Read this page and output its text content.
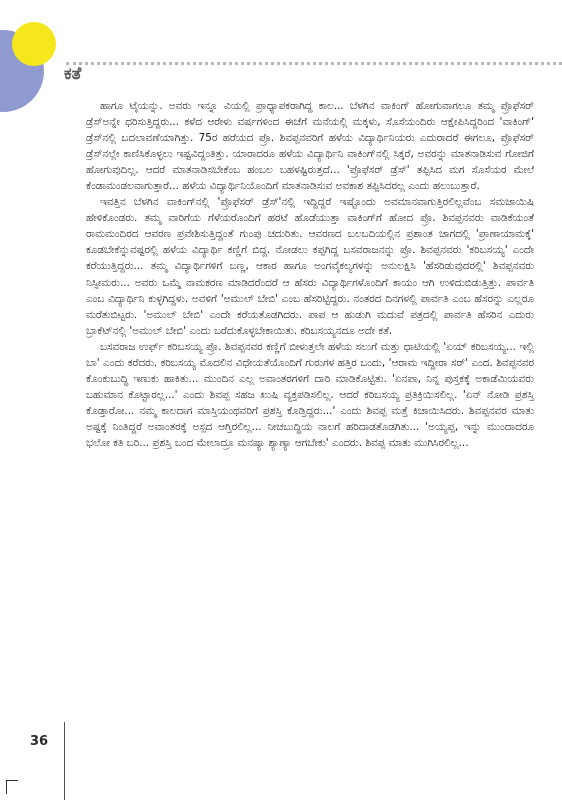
ಕತೆ

ಹಾಗೂ ಟೈಯನ್ನು. ಅವರು ಇನ್ನೂ ವಿಯಲ್ಲಿ ಪ್ರಾಧ್ಯಾಪಕರಾಗಿದ್ದ ಕಾಲ... ಬೆಳಗಿನ ವಾಕಿಂಗ್ ಹೋಗುವಾಗಲೂ ತಮ್ಮ ಪ್ರೊಫೆಸರ್ ಡ್ರೆಸ್‌ಅನ್ನೇ ಧರಿಸುತ್ತಿದ್ದರು... ಕಳೆದ ಆರೇಳು ವರ್ಷಗಳಿಂದ ಈಚೆಗೆ ಮನೆಯಲ್ಲಿ ಮಕ್ಕಳು, ಸೊಸೆಯಂದಿರು ಆಕ್ಷೇಪಿಸಿದ್ದರಿಂದ 'ವಾಕಿಂಗ್' ಡ್ರೆಸ್‌ನಲ್ಲಿ ಬದಲಾವಣೆಯಾಗಿತ್ತು. 75ರ ಹರೆಯದ ಪ್ರೊ. ಶಿವಪ್ಪನವರಿಗೆ ಹಳೆಯ ವಿದ್ಯಾರ್ಥಿನಿಯರು ಎದುರಾದರೆ ಈಗಲೂ, ಪ್ರೊಫೆಸರ್ ಡ್ರೆಸ್‌ನಲ್ಲೇ ಕಾಣಿಸಿಕೊಳ್ಳಲು ಇಷ್ಟವಿದ್ದಂತಿತ್ತು. ಯಾರಾದರೂ ಹಳೆಯ ವಿದ್ಯಾರ್ಥಿನಿ ವಾಕಿಂಗ್‌ನಲ್ಲಿ ಸಿಕ್ಕರೆ, ಅವರನ್ನು ಮಾತನಾಡಿಸುವ ಗೋಜಿಗೆ ಹೋಗುವುದಿಲ್ಲ. ಆದರೆ ಮಾತನಾಡಿಸಬೇಕೆಂಬ ಹಂಬಲ ಬಹಳಷ್ಟಿರುತ್ತದೆ... 'ಪ್ರೊಫೆಸರ್ ಡ್ರೆಸ್' ತಪ್ಪಿಸಿದ ಮಗ ಸೊಸೆಯರ ಮೇಲೆ ಕೆಂಡಾಮಂಡಲವಾಗುತ್ತಾರೆ... ಹಳೆಯ ವಿದ್ಯಾರ್ಥಿನಿಯೊಂದಿಗೆ ಮಾತನಾಡಿಸುವ ಅವಕಾಶ ತಪ್ಪಿಸಿದರಲ್ಲ ಎಂದು ಹಲುಬುತ್ತಾರೆ.

ಇವತ್ತಿನ ಬೆಳಗಿನ ವಾಕಿಂಗ್‌ನಲ್ಲಿ 'ಪ್ರೊಫೆಸರ್ ಡ್ರೆಸ್'ನಲ್ಲಿ ಇದ್ದಿದ್ದರೆ ಇಷ್ಟೊಂದು ಅವಮಾನವಾಗುತ್ತಿರಲಿಲ್ಲವೆಂಬ ಸಮಜಾಯಿಷಿ ಹೇಳಿಕೊಂಡರು. ತಮ್ಮ ವಾರಿಗೆಯ ಗೆಳೆಯರೊಂದಿಗೆ ಹರಟೆ ಹೊಡೆಯುತ್ತಾ ವಾಕಿಂಗ್‌ಗೆ ಹೋದ ಪ್ರೊ. ಶಿವಪ್ಪನವರು ವಾಡಿಕೆಯಂತೆ ರಾಮಮಂದಿರದ ಆವರಣ ಪ್ರವೇಶಿಸುತ್ತಿದ್ದಂತೆ ಗುಂಪು ಚದುರಿತು. ಆವರಣದ ಬಲಬದಿಯಲ್ಲಿನ ಪ್ರಶಾಂತ ಜಾಗದಲ್ಲಿ 'ಪ್ರಾಣಾಯಾಮಕ್ಕೆ' ಕೂಡಬೇಕೆನ್ನುವಷ್ಟರಲ್ಲಿ ಹಳೆಯ ವಿದ್ಯಾರ್ಥಿ ಕಣ್ಣಿಗೆ ಬಿದ್ದ. ನೋಡಲು ಕಪ್ಪಗಿದ್ದ ಬಸವರಾಜನನ್ನು ಪ್ರೊ. ಶಿವಪ್ಪನವರು 'ಕರಿಬಸಯ್ಯ' ಎಂದೇ ಕರೆಯುತ್ತಿದ್ದರು... ತಮ್ಮ ವಿದ್ಯಾರ್ಥಿಗಳಿಗೆ ಬಣ್ಣ, ಆಕಾರ ಹಾಗೂ ಅಂಗವೈಕಲ್ಯಗಳನ್ನು ಅನುಲಕ್ಷಿಸಿ 'ಹೆಸರಿಡುವುದರಲ್ಲಿ' ಶಿವಪ್ಪನವರು ನಿಸ್ಸೀಮರು... ಅವರು ಒಮ್ಮೆ ನಾಮಕರಣ ಮಾಡಿದರೆಂದರೆ ಆ ಹೆಸರು ವಿದ್ಯಾರ್ಥಿಗಳೊಂದಿಗೆ ಕಾಯಂ ಆಗಿ ಉಳಿದುಬಿಡುತ್ತಿತ್ತು. ಪಾರ್ವತಿ ಎಂಬ ವಿದ್ಯಾರ್ಥಿನಿ ಕುಳ್ಳಗಿದ್ದಳು. ಅವಳಿಗೆ 'ಅಮುಲ್ ಬೇಬಿ' ಎಂಬ ಹೆಸರಿಟ್ಟಿದ್ದರು. ನಂತರದ ದಿನಗಳಲ್ಲಿ ಪಾರ್ವತಿ ಎಂಬ ಹೆಸರನ್ನು ಎಲ್ಲರೂ ಮರೆತುಬಿಟ್ಟರು. 'ಅಮುಲ್ ಬೇಬಿ' ಎಂದೇ ಕರೆಯತೊಡಗಿದರು. ಪಾಪ ಆ ಹುಡುಗಿ ಮದುವೆ ಪತ್ರದಲ್ಲಿ ಪಾರ್ವತಿ ಹೆಸರಿನ ಎದುರು ಬ್ರಾಕೆಟ್‌ನಲ್ಲಿ 'ಅಮುಲ್ ಬೇಬಿ' ಎಂದು ಬರೆದುಕೊಳ್ಳಬೇಕಾಯಿತು. ಕರಿಬಸಯ್ಯನದೂ ಅದೇ ಕತೆ.

ಬಸವರಾಜ ಉರ್ಫ್ ಕರಿಬಸಯ್ಯ ಪ್ರೊ. ಶಿವಪ್ಪನವರ ಕಣ್ಣಿಗೆ ಬೀಳುತ್ತಲೇ ಹಳೆಯ ಸಲುಗೆ ಮತ್ತು ಧಾಟಿಯಲ್ಲಿ 'ಏಯ್ ಕರಿಬಸಯ್ಯ... ಇಲ್ಲಿ ಬಾ' ಎಂದು ಕರೆದರು. ಕರಿಬಸಯ್ಯ ಮೊದಲಿನ ವಿಧೇಯತೆಯೊಂದಿಗೆ ಗುರುಗಳ ಹತ್ತಿರ ಬಂದು, 'ಆರಾಮ ಇದ್ದೀರಾ ಸರ್' ಎಂದ. ಶಿವಪ್ಪನವರ ಕೊಂಕುಬುದ್ಧಿ ಇಣುಕು ಹಾಕಿತು... ಮುಂದಿನ ಎಲ್ಲ ಅವಾಂತರಗಳಿಗೆ ದಾರಿ ಮಾಡಿಕೊಟ್ಟಿತು. 'ಏನಪಾ, ನಿನ್ನ ಪುಸ್ತಕಕ್ಕೆ ಅಕಾಡೆಮಿಯವರು ಬಹುಮಾನ ಕೊಟ್ಟಾರಲ್ಲ...' ಎಂದು ಶಿವಪ್ಪ ಸಹಜ ಖುಷಿ ವ್ಯಕ್ತಪಡಿಸಲಿಲ್ಲ. ಆದರೆ ಕರಿಬಸಯ್ಯ ಪ್ರತಿಕ್ರಿಯಿಸಲಿಲ್ಲ. 'ಏನ್ ನೋಡಿ ಪ್ರಶಸ್ತಿ ಕೊಡ್ತಾರೋ... ನಮ್ಮ ಕಾಲದಾಗ ಮಾಸ್ತಿಯಂಥವರಿಗೆ ಪ್ರಶಸ್ತಿ ಕೊಡ್ತಿದ್ದರು...' ಎಂದು ಶಿವಪ್ಪ ಮತ್ತೆ ಕಿಚಾಯಿಸಿದರು. ಶಿವಪ್ಪನವರ ಮಾತು ಅಷ್ಟಕ್ಕೆ ನಿಂತಿದ್ದರೆ ಅವಾಂತರಕ್ಕೆ ಅಸ್ಪದ ಆಗ್ತಿರಲಿಲ್ಲ... ನೀಚಬುದ್ಧಿಯ ನಾಲಗೆ ಹರಿದಾಡತೊಡಗಿತು... 'ಅಯ್ಯಪ್ಪ, ಇನ್ನು ಮುಂದಾದರೂ ಭಲೋ ಕತಿ ಬರಿ... ಪ್ರಶಸ್ತಿ ಬಂದ ಮೇಲಾದ್ರೂ ಮನಷ್ಯಾ ಶ್ಯಾಣ್ಯಾ ಆಗಬೇಕು' ಎಂದರು. ಶಿವಪ್ಪ ಮಾತು ಮುಗಿಸಿರಲಿಲ್ಲ...

36
